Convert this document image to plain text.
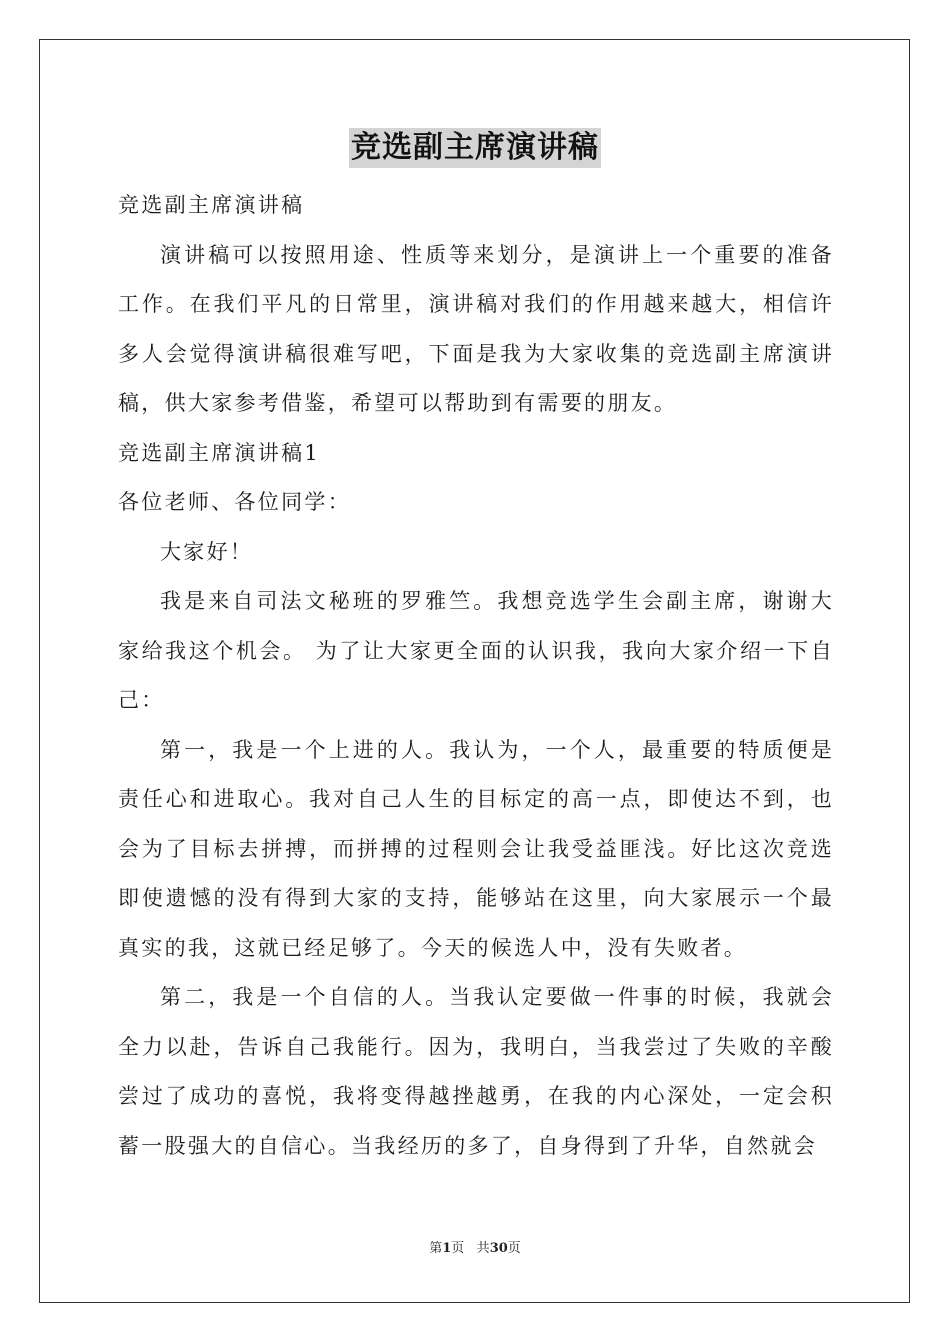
竞选副主席演讲稿

竞选副主席演讲稿

演讲稿可以按照用途、性质等来划分，是演讲上一个重要的准备工作。在我们平凡的日常里，演讲稿对我们的作用越来越大，相信许多人会觉得演讲稿很难写吧，下面是我为大家收集的竞选副主席演讲稿，供大家参考借鉴，希望可以帮助到有需要的朋友。

竞选副主席演讲稿1

各位老师、各位同学：

大家好！

我是来自司法文秘班的罗雅竺。我想竞选学生会副主席，谢谢大家给我这个机会。 为了让大家更全面的认识我，我向大家介绍一下自己：

第一，我是一个上进的人。我认为，一个人，最重要的特质便是责任心和进取心。我对自己人生的目标定的高一点，即使达不到，也会为了目标去拼搏，而拼搏的过程则会让我受益匪浅。好比这次竞选即使遗憾的没有得到大家的支持，能够站在这里，向大家展示一个最真实的我，这就已经足够了。今天的候选人中，没有失败者。

第二，我是一个自信的人。当我认定要做一件事的时候，我就会全力以赴，告诉自己我能行。因为，我明白，当我尝过了失败的辛酸尝过了成功的喜悦，我将变得越挫越勇，在我的内心深处，一定会积蓄一股强大的自信心。当我经历的多了，自身得到了升华，自然就会

第1页 共30页
